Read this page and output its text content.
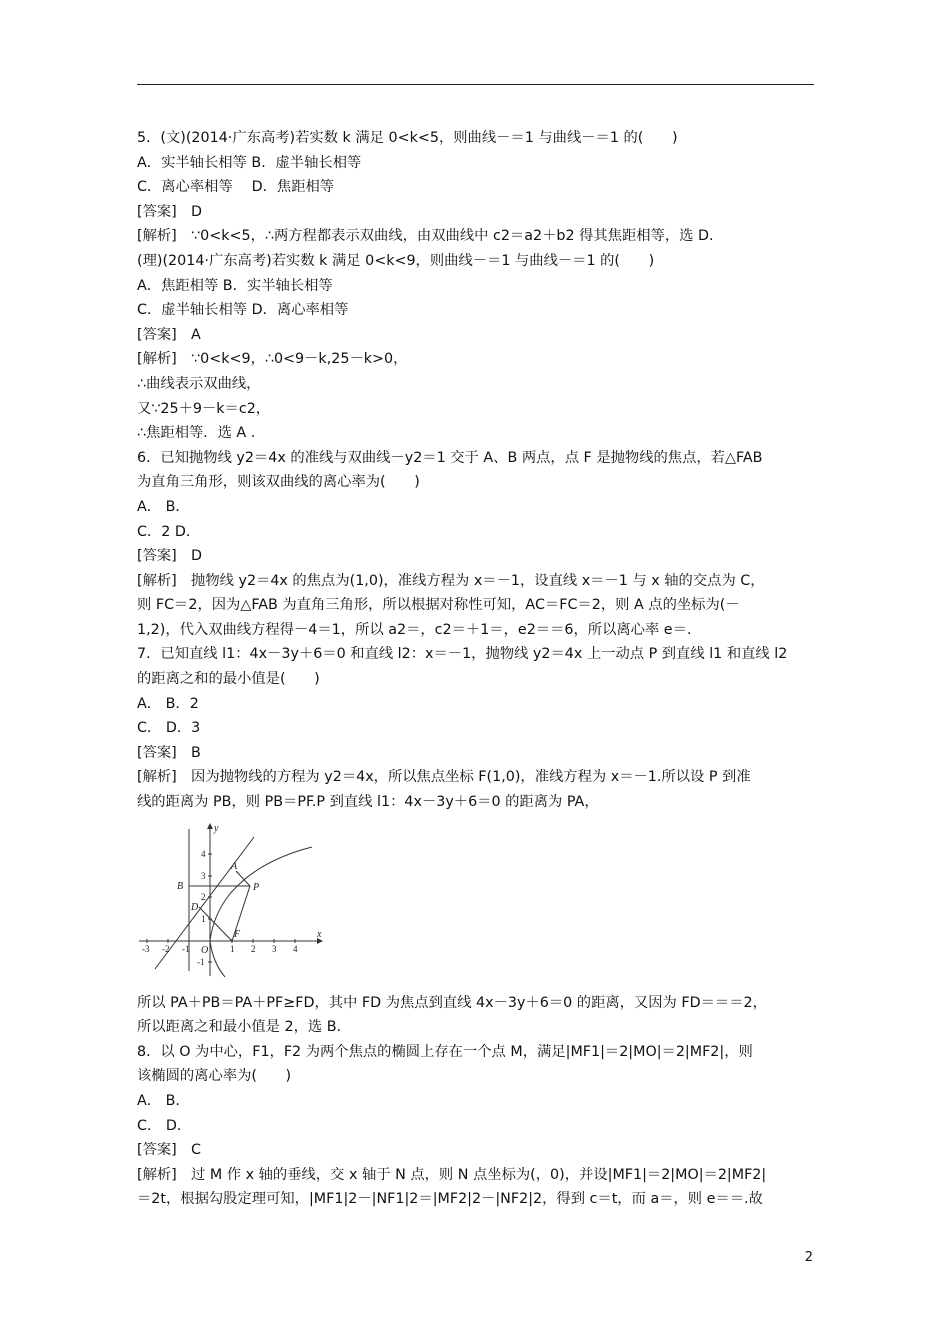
5．(文)(2014·广东高考)若实数 k 满足 0<k<5，则曲线－＝1 与曲线－＝1 的(　　)
A．实半轴长相等 B．虚半轴长相等
C．离心率相等　 D．焦距相等
[答案]　D
[解析]　∵0<k<5，∴两方程都表示双曲线，由双曲线中 c2＝a2＋b2 得其焦距相等，选 D.
(理)(2014·广东高考)若实数 k 满足 0<k<9，则曲线－＝1 与曲线－＝1 的(　　)
A．焦距相等 B．实半轴长相等
C．虚半轴长相等 D．离心率相等
[答案]　A
[解析]　∵0<k<9，∴0<9－k,25－k>0，
∴曲线表示双曲线，
又∵25＋9－k＝c2，
∴焦距相等．选 A .
6．已知抛物线 y2＝4x 的准线与双曲线－y2＝1 交于 A、B 两点，点 F 是抛物线的焦点，若△FAB
为直角三角形，则该双曲线的离心率为(　　)
A． B．
C．2 D．
[答案]　D
[解析]　抛物线 y2＝4x 的焦点为(1,0)，准线方程为 x＝－1，设直线 x＝－1 与 x 轴的交点为 C，
则 FC＝2，因为△FAB 为直角三角形，所以根据对称性可知，AC＝FC＝2，则 A 点的坐标为(－
1,2)，代入双曲线方程得－4＝1，所以 a2＝，c2＝＋1＝，e2＝＝6，所以离心率 e＝.
7．已知直线 l1：4x－3y＋6＝0 和直线 l2：x＝－1，抛物线 y2＝4x 上一动点 P 到直线 l1 和直线 l2
的距离之和的最小值是(　　)
A． B．2
C． D．3
[答案]　B
[解析]　因为抛物线的方程为 y2＝4x，所以焦点坐标 F(1,0)，准线方程为 x＝－1.所以设 P 到准
线的距离为 PB，则 PB＝PF.P 到直线 l1：4x－3y＋6＝0 的距离为 PA，
x
y
A
B	P
D
F
O
-3 -2 -1	1 2 3 4
4
3
2
1
-1
所以 PA＋PB＝PA＋PF≥FD，其中 FD 为焦点到直线 4x－3y＋6＝0 的距离，又因为 FD＝＝＝2，
所以距离之和最小值是 2，选 B.
8．以 O 为中心，F1，F2 为两个焦点的椭圆上存在一个点 M，满足|MF1|＝2|MO|＝2|MF2|，则
该椭圆的离心率为(　　)
A． B．
C． D．
[答案]　C
[解析]　过 M 作 x 轴的垂线，交 x 轴于 N 点，则 N 点坐标为(，0)，并设|MF1|＝2|MO|＝2|MF2|
＝2t，根据勾股定理可知，|MF1|2－|NF1|2＝|MF2|2－|NF2|2，得到 c＝t，而 a＝，则 e＝＝.故
2
